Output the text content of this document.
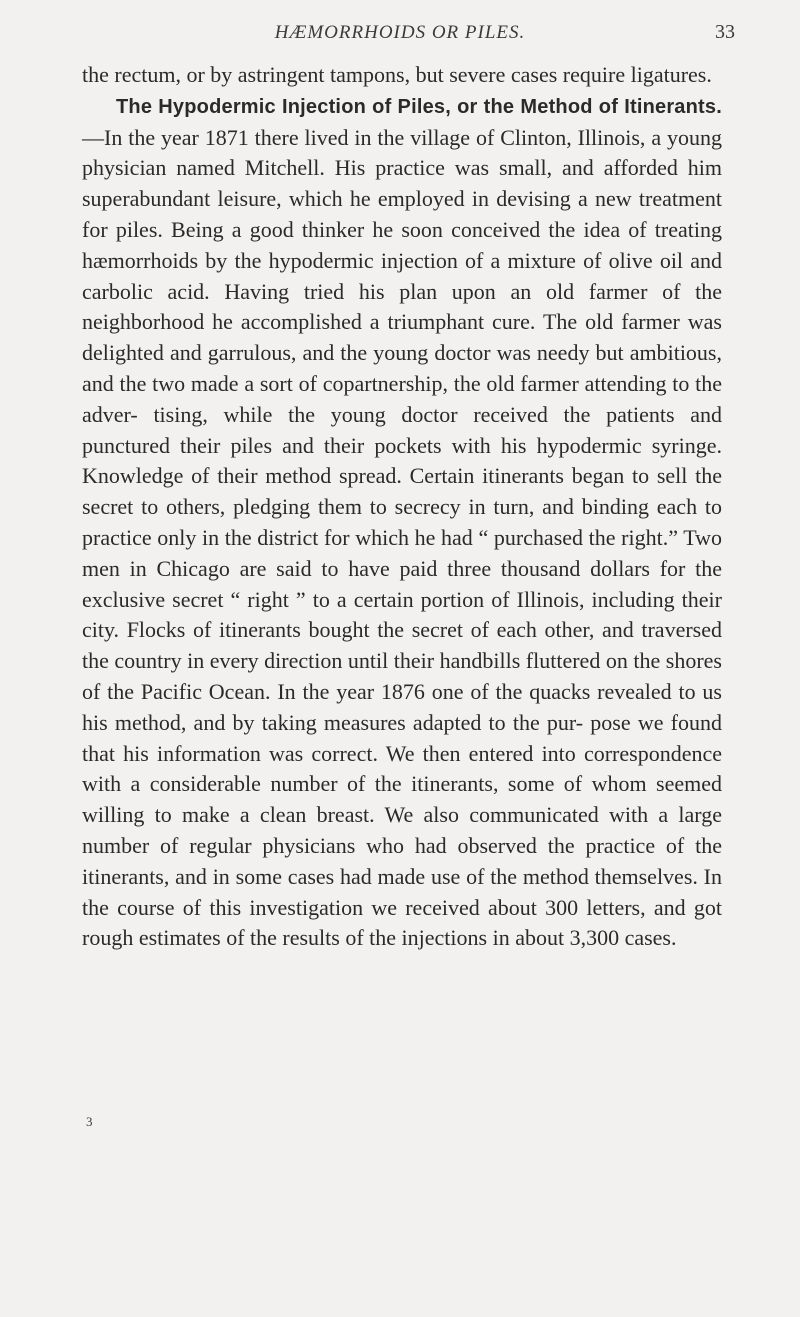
HÆMORRHOIDS OR PILES.	33

the rectum, or by astringent tampons, but severe cases require ligatures.

The Hypodermic Injection of Piles, or the Method of Itinerants.—In the year 1871 there lived in the village of Clinton, Illinois, a young physician named Mitchell. His practice was small, and afforded him superabundant leisure, which he employed in devising a new treatment for piles. Being a good thinker he soon conceived the idea of treating hæmorrhoids by the hypodermic injection of a mixture of olive oil and carbolic acid. Having tried his plan upon an old farmer of the neighborhood he accomplished a triumphant cure. The old farmer was delighted and garrulous, and the young doctor was needy but ambitious, and the two made a sort of copartnership, the old farmer attending to the adver- tising, while the young doctor received the patients and punctured their piles and their pockets with his hypodermic syringe. Knowledge of their method spread. Certain itinerants began to sell the secret to others, pledging them to secrecy in turn, and binding each to practice only in the district for which he had “ purchased the right.” Two men in Chicago are said to have paid three thousand dollars for the exclusive secret “ right ” to a certain portion of Illinois, including their city. Flocks of itinerants bought the secret of each other, and traversed the country in every direction until their handbills fluttered on the shores of the Pacific Ocean. In the year 1876 one of the quacks revealed to us his method, and by taking measures adapted to the pur- pose we found that his information was correct. We then entered into correspondence with a considerable number of the itinerants, some of whom seemed willing to make a clean breast. We also communicated with a large number of regular physicians who had observed the practice of the itinerants, and in some cases had made use of the method themselves. In the course of this investigation we received about 300 letters, and got rough estimates of the results of the injections in about 3,300 cases.

3
